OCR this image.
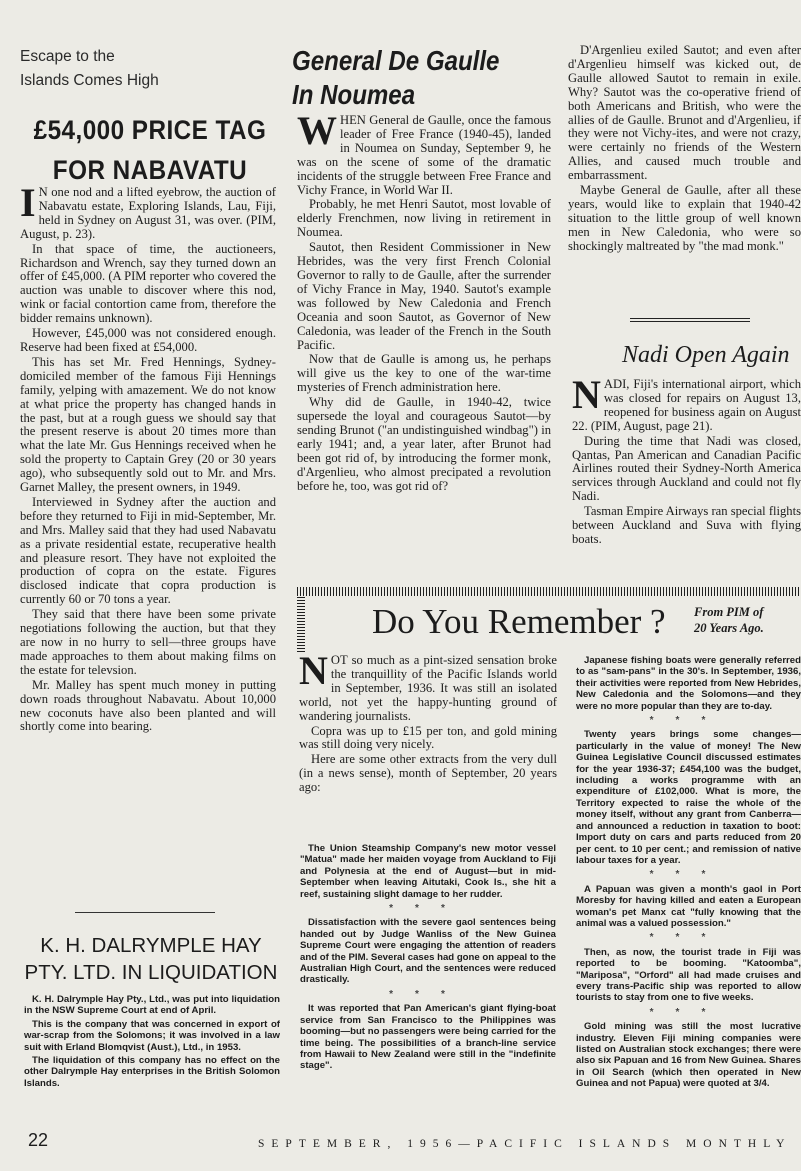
Escape to the
Islands Comes High
£54,000 PRICE TAG
FOR NABAVATU
I N one nod and a lifted eyebrow, the auction of Nabavatu estate, Exploring Islands, Lau, Fiji, held in Sydney on August 31, was over. (PIM, August, p. 23).

In that space of time, the auctioneers, Richardson and Wrench, say they turned down an offer of £45,000. (A PIM reporter who covered the auction was unable to discover where this nod, wink or facial contortion came from, therefore the bidder remains unknown).

However, £45,000 was not considered enough. Reserve had been fixed at £54,000.

This has set Mr. Fred Hennings, Sydney-domiciled member of the famous Fiji Hennings family, yelping with amazement. We do not know at what price the property has changed hands in the past, but at a rough guess we should say that the present reserve is about 20 times more than what the late Mr. Gus Hennings received when he sold the property to Captain Grey (20 or 30 years ago), who subsequently sold out to Mr. and Mrs. Garnet Malley, the present owners, in 1949.

Interviewed in Sydney after the auction and before they returned to Fiji in mid-September, Mr. and Mrs. Malley said that they had used Nabavatu as a private residential estate, recuperative health and pleasure resort. They have not exploited the production of copra on the estate. Figures disclosed indicate that copra production is currently 60 or 70 tons a year.

They said that there have been some private negotiations following the auction, but that they are now in no hurry to sell—three groups have made approaches to them about making films on the estate for televsion.

Mr. Malley has spent much money in putting down roads throughout Nabavatu. About 10,000 new coconuts have also been planted and will shortly come into bearing.

K. H. DALRYMPLE HAY
PTY. LTD. IN LIQUIDATION

K. H. Dalrymple Hay Pty., Ltd., was put into liquidation in the NSW Supreme Court at end of April.

This is the company that was concerned in export of war-scrap from the Solomons; it was involved in a law suit with Erland Blomqvist (Aust.), Ltd., in 1953.

The liquidation of this company has no effect on the other Dalrymple Hay enterprises in the British Solomon Islands.

General De Gaulle
In Noumea
W HEN General de Gaulle, once the famous leader of Free France (1940-45), landed in Noumea on Sunday, September 9, he was on the scene of some of the dramatic incidents of the struggle between Free France and Vichy France, in World War II.

Probably, he met Henri Sautot, most lovable of elderly Frenchmen, now living in retirement in Noumea.

Sautot, then Resident Commissioner in New Hebrides, was the very first French Colonial Governor to rally to de Gaulle, after the surrender of Vichy France in May, 1940. Sautot's example was followed by New Caledonia and French Oceania and soon Sautot, as Governor of New Caledonia, was leader of the French in the South Pacific.

Now that de Gaulle is among us, he perhaps will give us the key to one of the war-time mysteries of French administration here.

Why did de Gaulle, in 1940-42, twice supersede the loyal and courageous Sautot—by sending Brunot ("an undistinguished windbag") in early 1941; and, a year later, after Brunot had been got rid of, by introducing the former monk, d'Argenlieu, who almost precipated a revolution before he, too, was got rid of?

D'Argenlieu exiled Sautot; and even after d'Argenlieu himself was kicked out, de Gaulle allowed Sautot to remain in exile. Why? Sautot was the co-operative friend of both Americans and British, who were the allies of de Gaulle. Brunot and d'Argenlieu, if they were not Vichy-ites, and were not crazy, were certainly no friends of the Western Allies, and caused much trouble and embarrassment.

Maybe General de Gaulle, after all these years, would like to explain that 1940-42 situation to the little group of well known men in New Caledonia, who were so shockingly maltreated by "the mad monk."

Nadi Open Again
N ADI, Fiji's international airport, which was closed for repairs on August 13, reopened for business again on August 22. (PIM, August, page 21).

During the time that Nadi was closed, Qantas, Pan American and Canadian Pacific Airlines routed their Sydney-North America services through Auckland and could not fly Nadi.

Tasman Empire Airways ran special flights between Auckland and Suva with flying boats.

Do You Remember ? From PIM of
20 Years Ago.
N OT so much as a pint-sized sensation broke the tranquillity of the Pacific Islands world in September, 1936. It was still an isolated world, not yet the happy-hunting ground of wandering journalists.

Copra was up to £15 per ton, and gold mining was still doing very nicely.

Here are some other extracts from the very dull (in a news sense), month of September, 20 years ago:

The Union Steamship Company's new motor vessel "Matua" made her maiden voyage from Auckland to Fiji and Polynesia at the end of August—but in mid-September when leaving Aitutaki, Cook Is., she hit a reef, sustaining slight damage to her rudder.

***

Dissatisfaction with the severe gaol sentences being handed out by Judge Wanliss of the New Guinea Supreme Court were engaging the attention of readers and of the PIM. Several cases had gone on appeal to the Australian High Court, and the sentences were reduced drastically.

***

It was reported that Pan American's giant flying-boat service from San Francisco to the Philippines was booming—but no passengers were being carried for the time being. The possibilities of a branch-line service from Hawaii to New Zealand were still in the "indefinite stage".

Japanese fishing boats were generally referred to as "sam-pans" in the 30's. In September, 1936, their activities were reported from New Hebrides, New Caledonia and the Solomons—and they were no more popular than they are to-day.

***

Twenty years brings some changes—particularly in the value of money! The New Guinea Legislative Council discussed estimates for the year 1936-37; £454,100 was the budget, including a works programme with an expenditure of £102,000. What is more, the Territory expected to raise the whole of the money itself, without any grant from Canberra—and announced a reduction in taxation to boot: Import duty on cars and parts reduced from 20 per cent. to 10 per cent.; and remission of native labour taxes for a year.

***

A Papuan was given a month's gaol in Port Moresby for having killed and eaten a European woman's pet Manx cat "fully knowing that the animal was a valued possession."

***

Then, as now, the tourist trade in Fiji was reported to be booming. "Katoomba", "Mariposa", "Orford" all had made cruises and every trans-Pacific ship was reported to allow tourists to stay from one to five weeks.

***

Gold mining was still the most lucrative industry. Eleven Fiji mining companies were listed on Australian stock exchanges; there were also six Papuan and 16 from New Guinea. Shares in Oil Search (which then operated in New Guinea and not Papua) were quoted at 3/4.

22	SEPTEMBER, 1956—PACIFIC ISLANDS MONTHLY
